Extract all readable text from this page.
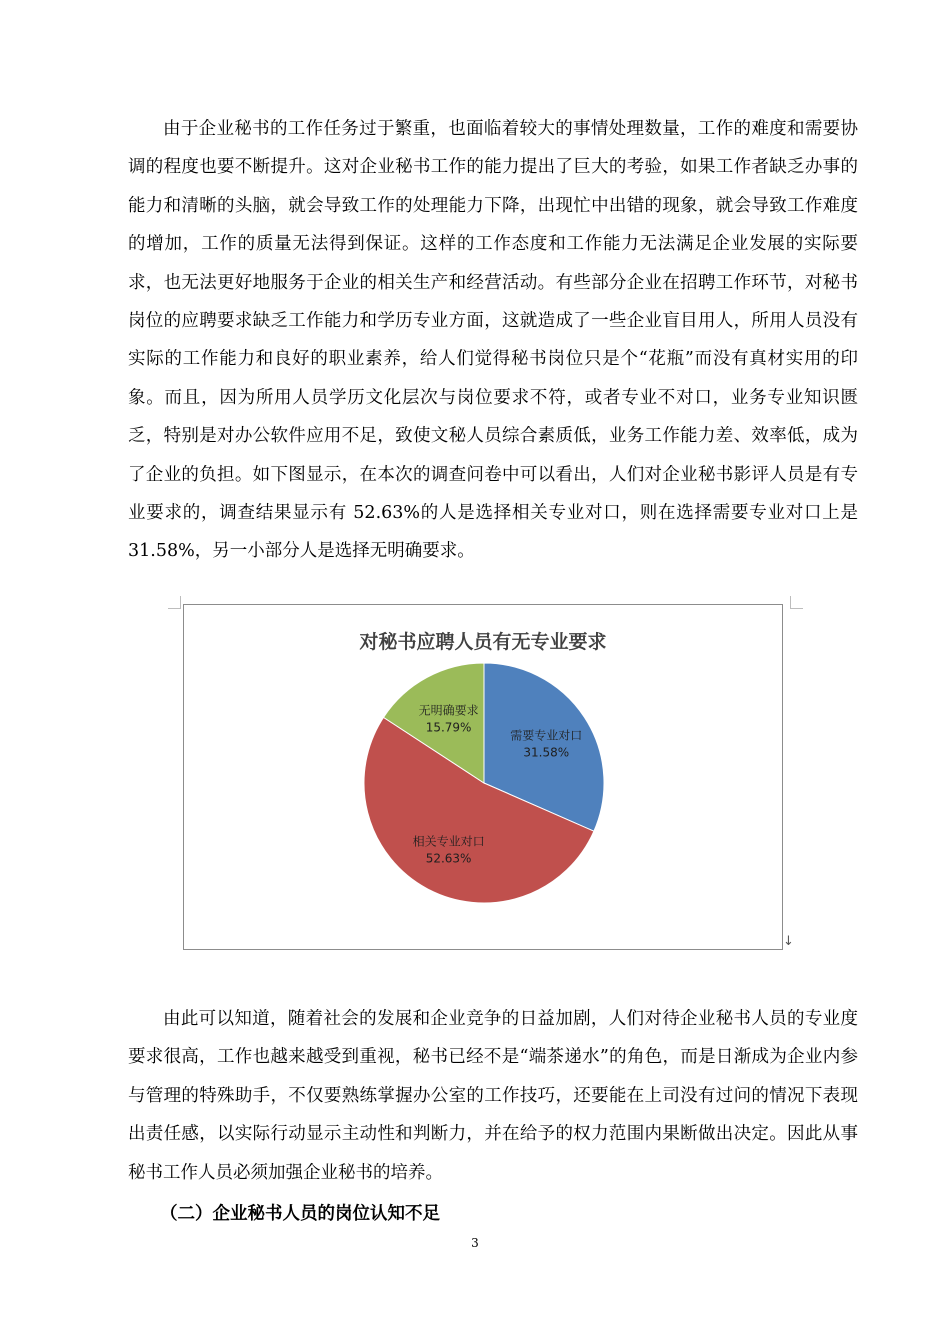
由于企业秘书的工作任务过于繁重，也面临着较大的事情处理数量，工作的难度和需要协调的程度也要不断提升。这对企业秘书工作的能力提出了巨大的考验，如果工作者缺乏办事的能力和清晰的头脑，就会导致工作的处理能力下降，出现忙中出错的现象，就会导致工作难度的增加，工作的质量无法得到保证。这样的工作态度和工作能力无法满足企业发展的实际要求，也无法更好地服务于企业的相关生产和经营活动。有些部分企业在招聘工作环节，对秘书岗位的应聘要求缺乏工作能力和学历专业方面，这就造成了一些企业盲目用人，所用人员没有实际的工作能力和良好的职业素养，给人们觉得秘书岗位只是个“花瓶”而没有真材实用的印象。而且，因为所用人员学历文化层次与岗位要求不符，或者专业不对口，业务专业知识匮乏，特别是对办公软件应用不足，致使文秘人员综合素质低，业务工作能力差、效率低，成为了企业的负担。如下图显示，在本次的调查问卷中可以看出，人们对企业秘书影评人员是有专业要求的，调查结果显示有 52.63%的人是选择相关专业对口，则在选择需要专业对口上是 31.58%，另一小部分人是选择无明确要求。

对秘书应聘人员有无专业要求
需要专业对口
31.58%
相关专业对口
52.63%
无明确要求
15.79%
↓

由此可以知道，随着社会的发展和企业竞争的日益加剧，人们对待企业秘书人员的专业度要求很高，工作也越来越受到重视，秘书已经不是“端茶递水”的角色，而是日渐成为企业内参与管理的特殊助手，不仅要熟练掌握办公室的工作技巧，还要能在上司没有过问的情况下表现出责任感，以实际行动显示主动性和判断力，并在给予的权力范围内果断做出决定。因此从事秘书工作人员必须加强企业秘书的培养。

（二）企业秘书人员的岗位认知不足

3
